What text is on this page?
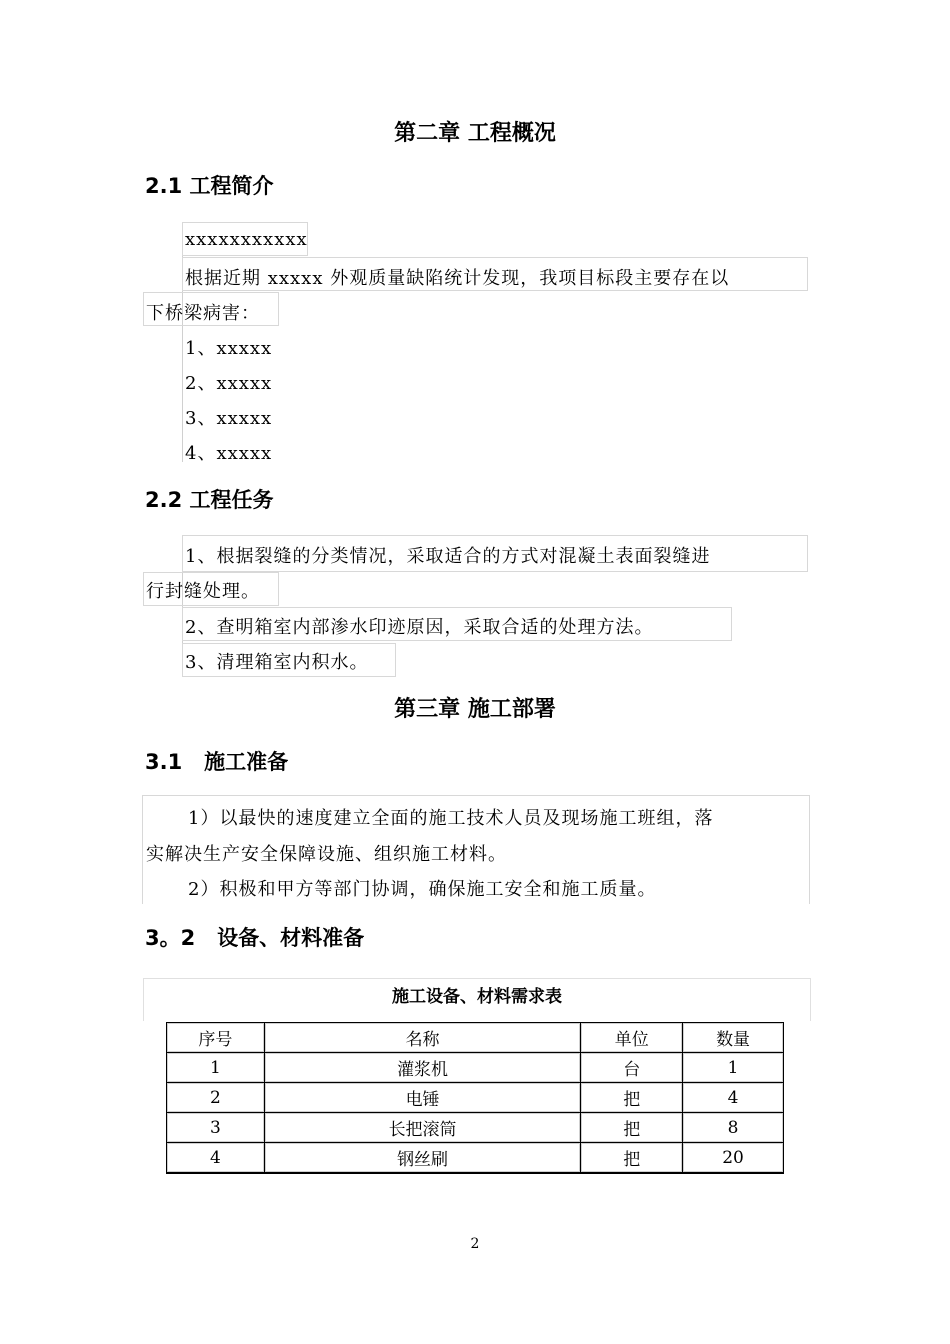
第二章 工程概况
2.1 工程简介
xxxxxxxxxxx
根据近期 xxxxx 外观质量缺陷统计发现，我项目标段主要存在以
下桥梁病害：
1、xxxxx
2、xxxxx
3、xxxxx
4、xxxxx
2.2 工程任务
1、根据裂缝的分类情况，采取适合的方式对混凝土表面裂缝进
行封缝处理。
2、查明箱室内部渗水印迹原因，采取合适的处理方法。
3、清理箱室内积水。
第三章 施工部署
3.1   施工准备
1）以最快的速度建立全面的施工技术人员及现场施工班组，落
实解决生产安全保障设施、组织施工材料。
2）积极和甲方等部门协调，确保施工安全和施工质量。
3。2   设备、材料准备
施工设备、材料需求表
序号	名称	单位	数量
1	灌浆机	台	1
2	电锤	把	4
3	长把滚筒	把	8
4	钢丝刷	把	20
2
